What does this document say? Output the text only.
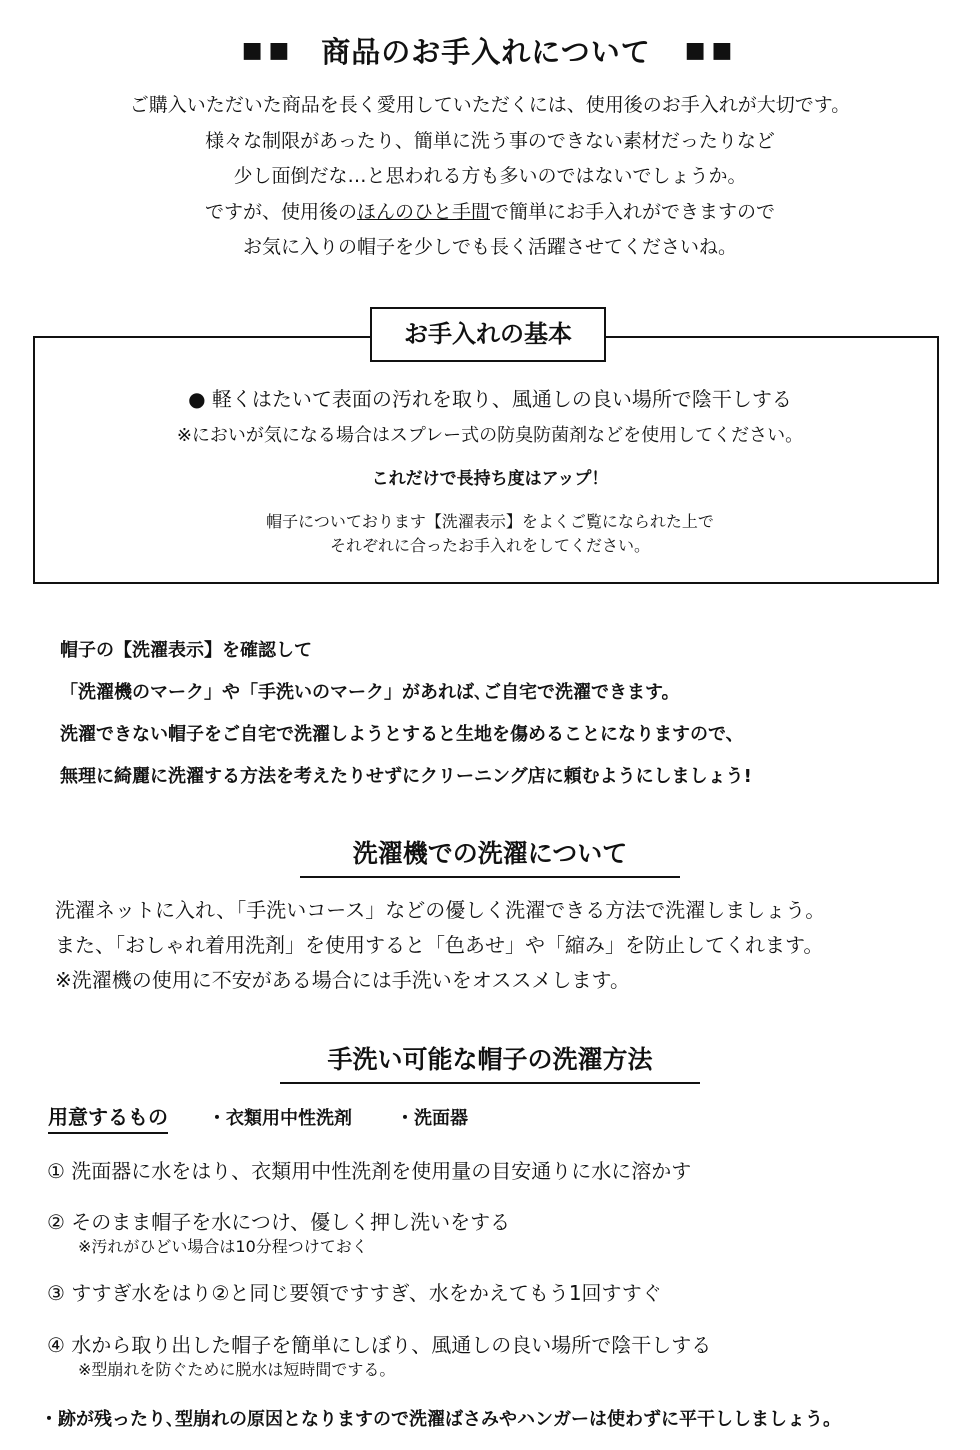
■■ 商品のお手入れについて ■■
ご購入いただいた商品を長く愛用していただくには、使用後のお手入れが大切です。
様々な制限があったり、簡単に洗う事のできない素材だったりなど
少し面倒だな…と思われる方も多いのではないでしょうか。
ですが、使用後のほんのひと手間で簡単にお手入れができますので
お気に入りの帽子を少しでも長く活躍させてくださいね。
お手入れの基本
● 軽くはたいて表面の汚れを取り、風通しの良い場所で陰干しする
※においが気になる場合はスプレー式の防臭防菌剤などを使用してください。
これだけで長持ち度はアップ！
帽子についております【洗濯表示】をよくご覧になられた上で
それぞれに合ったお手入れをしてください。
帽子の【洗濯表示】を確認して
「洗濯機のマーク」や「手洗いのマーク」があれば､ご自宅で洗濯できます。
洗濯できない帽子をご自宅で洗濯しようとすると生地を傷めることになりますので、
無理に綺麗に洗濯する方法を考えたりせずにクリーニング店に頼むようにしましょう!
洗濯機での洗濯について
洗濯ネットに入れ、「手洗いコース」などの優しく洗濯できる方法で洗濯しましょう。
また、「おしゃれ着用洗剤」を使用すると「色あせ」や「縮み」を防止してくれます。
※洗濯機の使用に不安がある場合には手洗いをオススメします。
手洗い可能な帽子の洗濯方法
用意するもの ・衣類用中性洗剤 ・洗面器
① 洗面器に水をはり、衣類用中性洗剤を使用量の目安通りに水に溶かす
② そのまま帽子を水につけ、優しく押し洗いをする
※汚れがひどい場合は10分程つけておく
③ すすぎ水をはり②と同じ要領ですすぎ、水をかえてもう1回すすぐ
④ 水から取り出した帽子を簡単にしぼり、風通しの良い場所で陰干しする
※型崩れを防ぐために脱水は短時間でする。
・跡が残ったり､型崩れの原因となりますので洗濯ばさみやハンガーは使わずに平干ししましょう。
